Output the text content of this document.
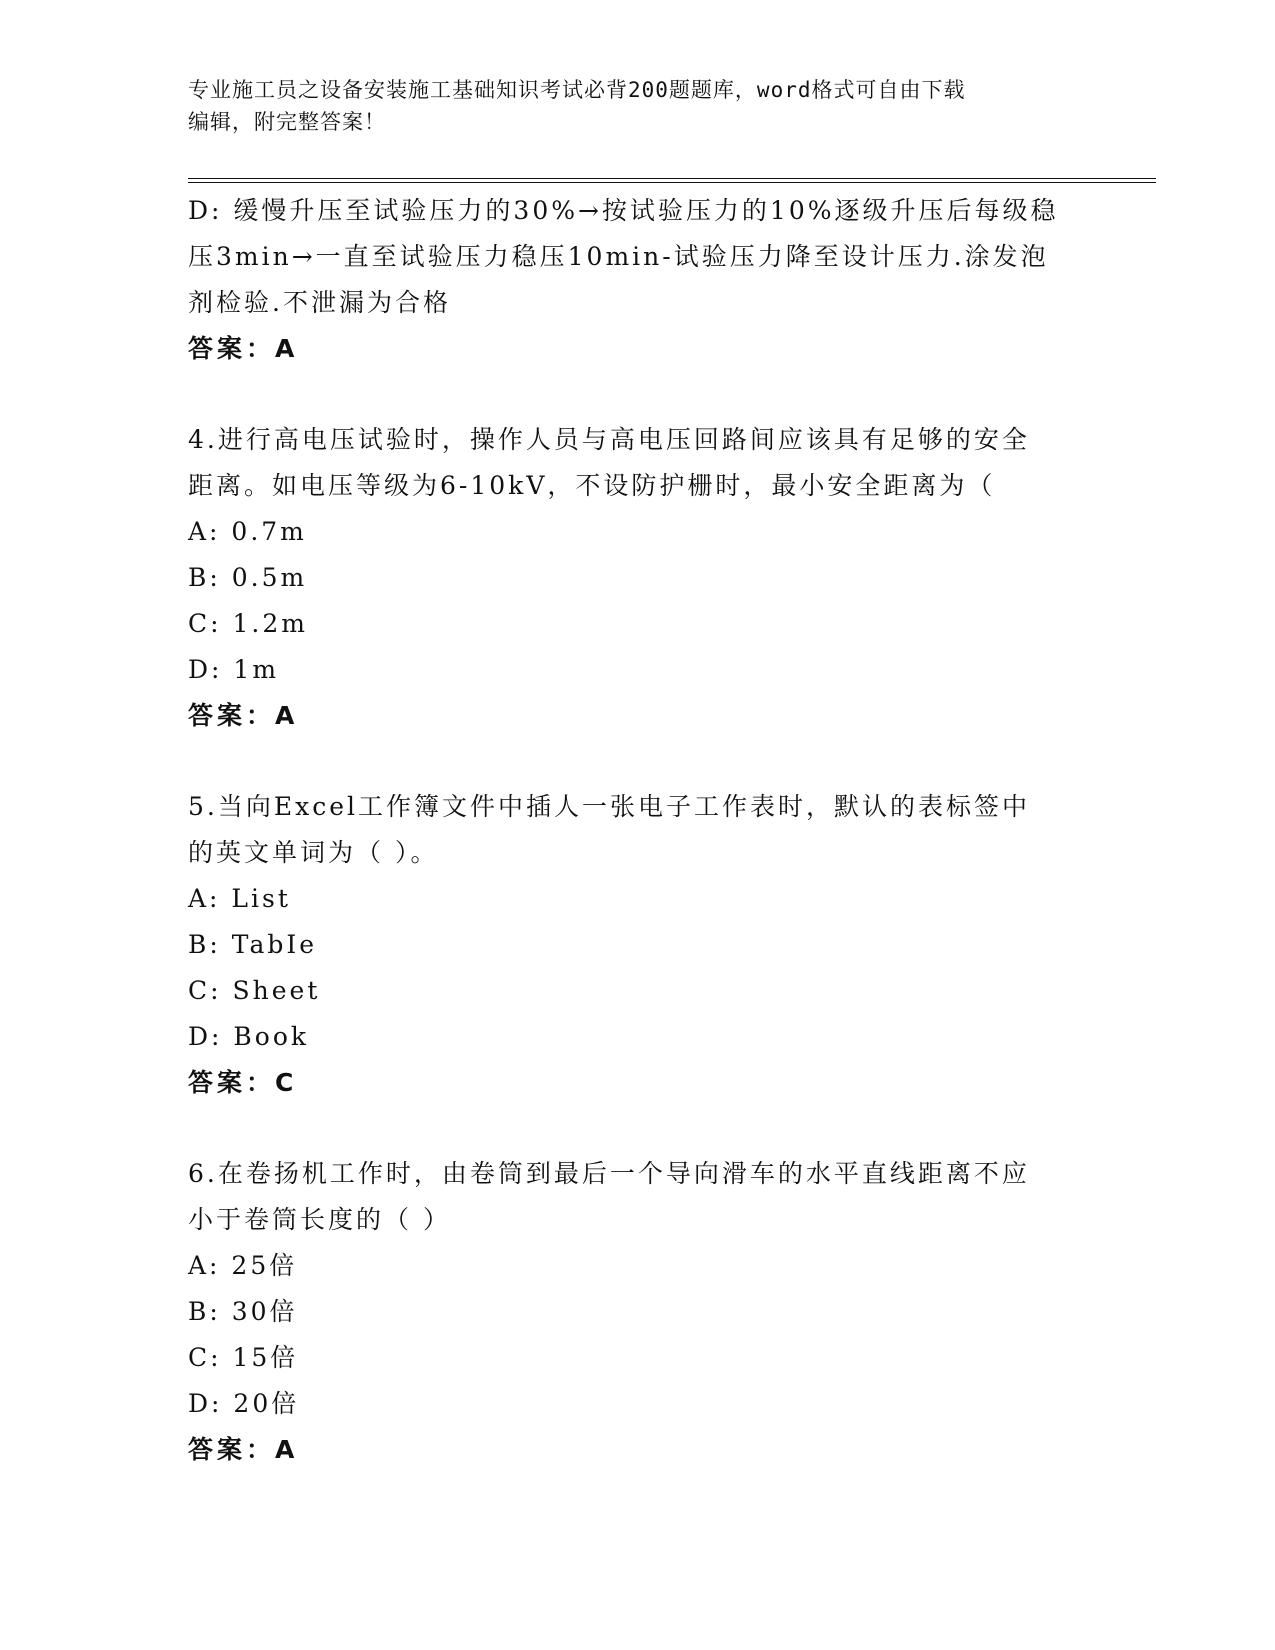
专业施工员之设备安装施工基础知识考试必背200题题库，word格式可自由下载
编辑，附完整答案！
D: 缓慢升压至试验压力的30%→按试验压力的10%逐级升压后每级稳
压3min→一直至试验压力稳压10min-试验压力降至设计压力.涂发泡
剂检验.不泄漏为合格
答案：A
4.进行高电压试验时，操作人员与高电压回路间应该具有足够的安全
距离。如电压等级为6-10kV，不设防护栅时，最小安全距离为（
A: 0.7m
B: 0.5m
C: 1.2m
D: 1m
答案：A
5.当向Excel工作簿文件中插人一张电子工作表时，默认的表标签中
的英文单词为（ ）。
A: List
B: TabIe
C: Sheet
D: Book
答案：C
6.在卷扬机工作时，由卷筒到最后一个导向滑车的水平直线距离不应
小于卷筒长度的（ ）
A: 25倍
B: 30倍
C: 15倍
D: 20倍
答案：A
